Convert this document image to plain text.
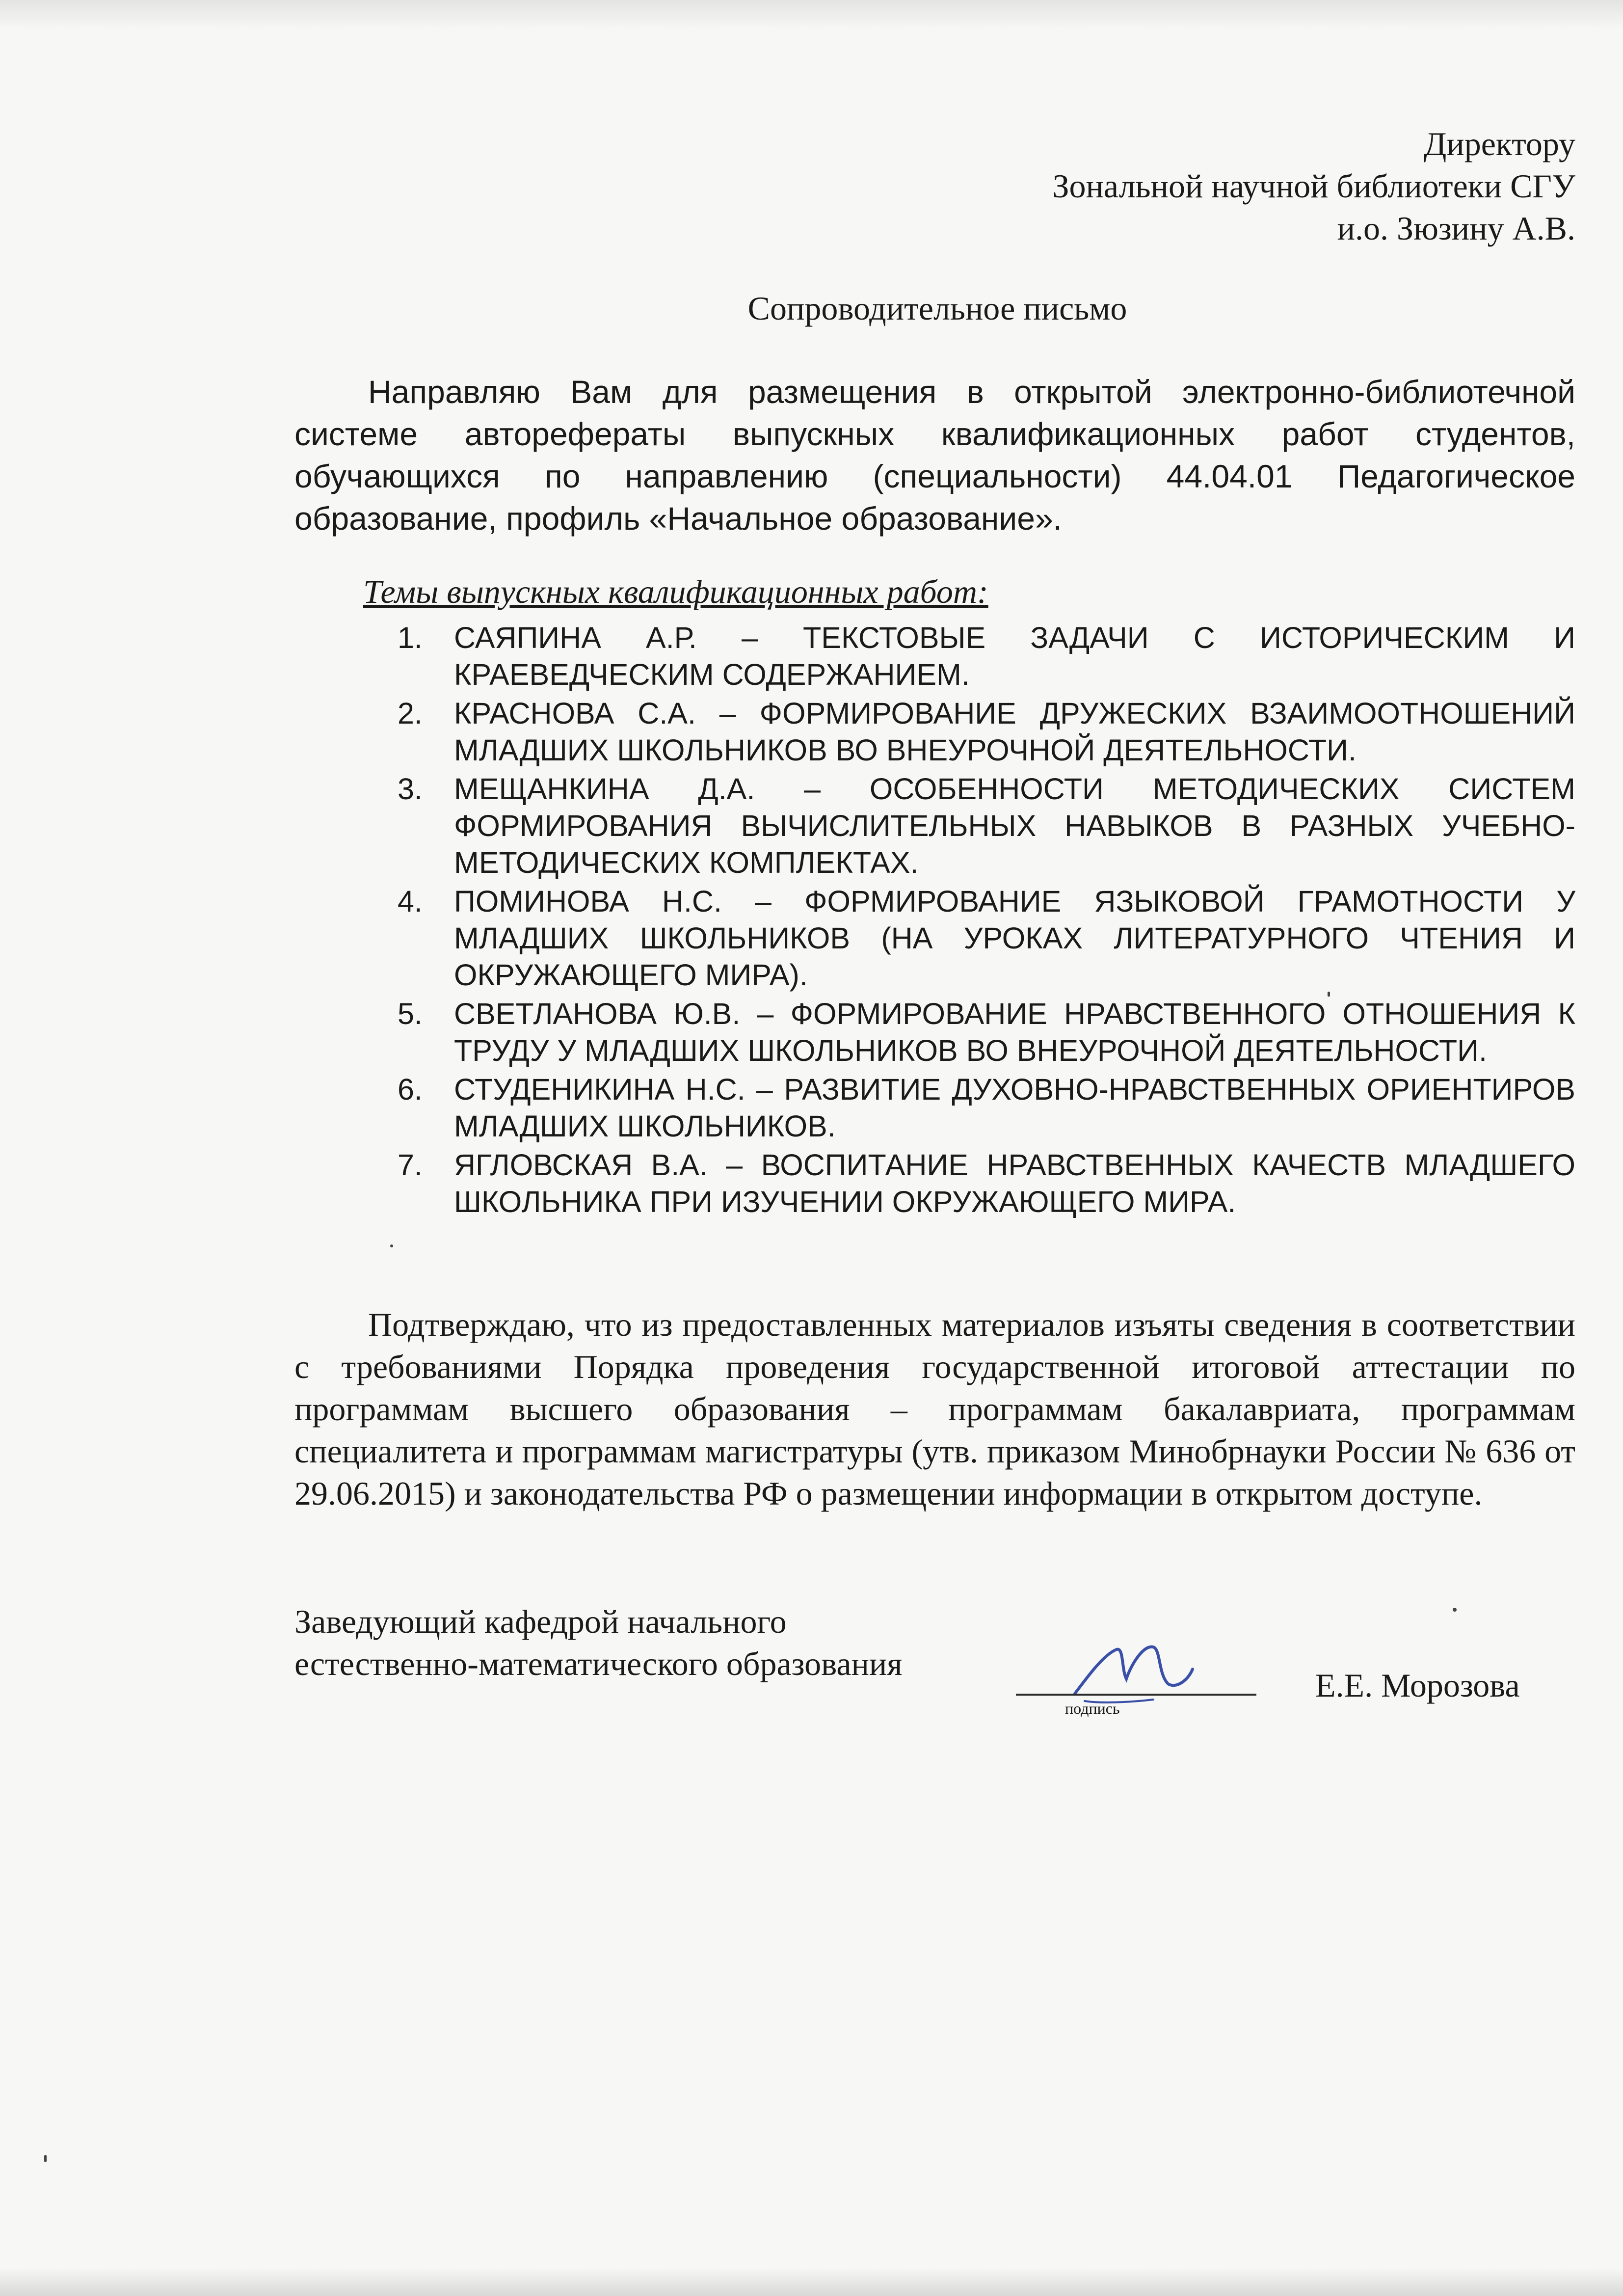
Директору
Зональной научной библиотеки СГУ
и.о. Зюзину А.В.
Сопроводительное письмо

Направляю Вам для размещения в открытой электронно-библиотечной системе авторефераты выпускных квалификационных работ студентов, обучающихся по направлению (специальности) 44.04.01 Педагогическое образование, профиль «Начальное образование».

Темы выпускных квалификационных работ:
1. САЯПИНА А.Р. – ТЕКСТОВЫЕ ЗАДАЧИ С ИСТОРИЧЕСКИМ И КРАЕВЕДЧЕСКИМ СОДЕРЖАНИЕМ.
2. КРАСНОВА С.А. – ФОРМИРОВАНИЕ ДРУЖЕСКИХ ВЗАИМООТНОШЕНИЙ МЛАДШИХ ШКОЛЬНИКОВ ВО ВНЕУРОЧНОЙ ДЕЯТЕЛЬНОСТИ.
3. МЕЩАНКИНА Д.А. – ОСОБЕННОСТИ МЕТОДИЧЕСКИХ СИСТЕМ ФОРМИРОВАНИЯ ВЫЧИСЛИТЕЛЬНЫХ НАВЫКОВ В РАЗНЫХ УЧЕБНО-МЕТОДИЧЕСКИХ КОМПЛЕКТАХ.
4. ПОМИНОВА Н.С. – ФОРМИРОВАНИЕ ЯЗЫКОВОЙ ГРАМОТНОСТИ У МЛАДШИХ ШКОЛЬНИКОВ (НА УРОКАХ ЛИТЕРАТУРНОГО ЧТЕНИЯ И ОКРУЖАЮЩЕГО МИРА).
5. СВЕТЛАНОВА Ю.В. – ФОРМИРОВАНИЕ НРАВСТВЕННОГО ОТНОШЕНИЯ К ТРУДУ У МЛАДШИХ ШКОЛЬНИКОВ ВО ВНЕУРОЧНОЙ ДЕЯТЕЛЬНОСТИ.
6. СТУДЕНИКИНА Н.С. – РАЗВИТИЕ ДУХОВНО-НРАВСТВЕННЫХ ОРИЕНТИРОВ МЛАДШИХ ШКОЛЬНИКОВ.
7. ЯГЛОВСКАЯ В.А. – ВОСПИТАНИЕ НРАВСТВЕННЫХ КАЧЕСТВ МЛАДШЕГО ШКОЛЬНИКА ПРИ ИЗУЧЕНИИ ОКРУЖАЮЩЕГО МИРА.

Подтверждаю, что из предоставленных материалов изъяты сведения в соответствии с требованиями Порядка проведения государственной итоговой аттестации по программам высшего образования – программам бакалавриата, программам специалитета и программам магистратуры (утв. приказом Минобрнауки России № 636 от 29.06.2015) и законодательства РФ о размещении информации в открытом доступе.

Заведующий кафедрой начального
естественно-математического образования
подпись
Е.Е. Морозова
